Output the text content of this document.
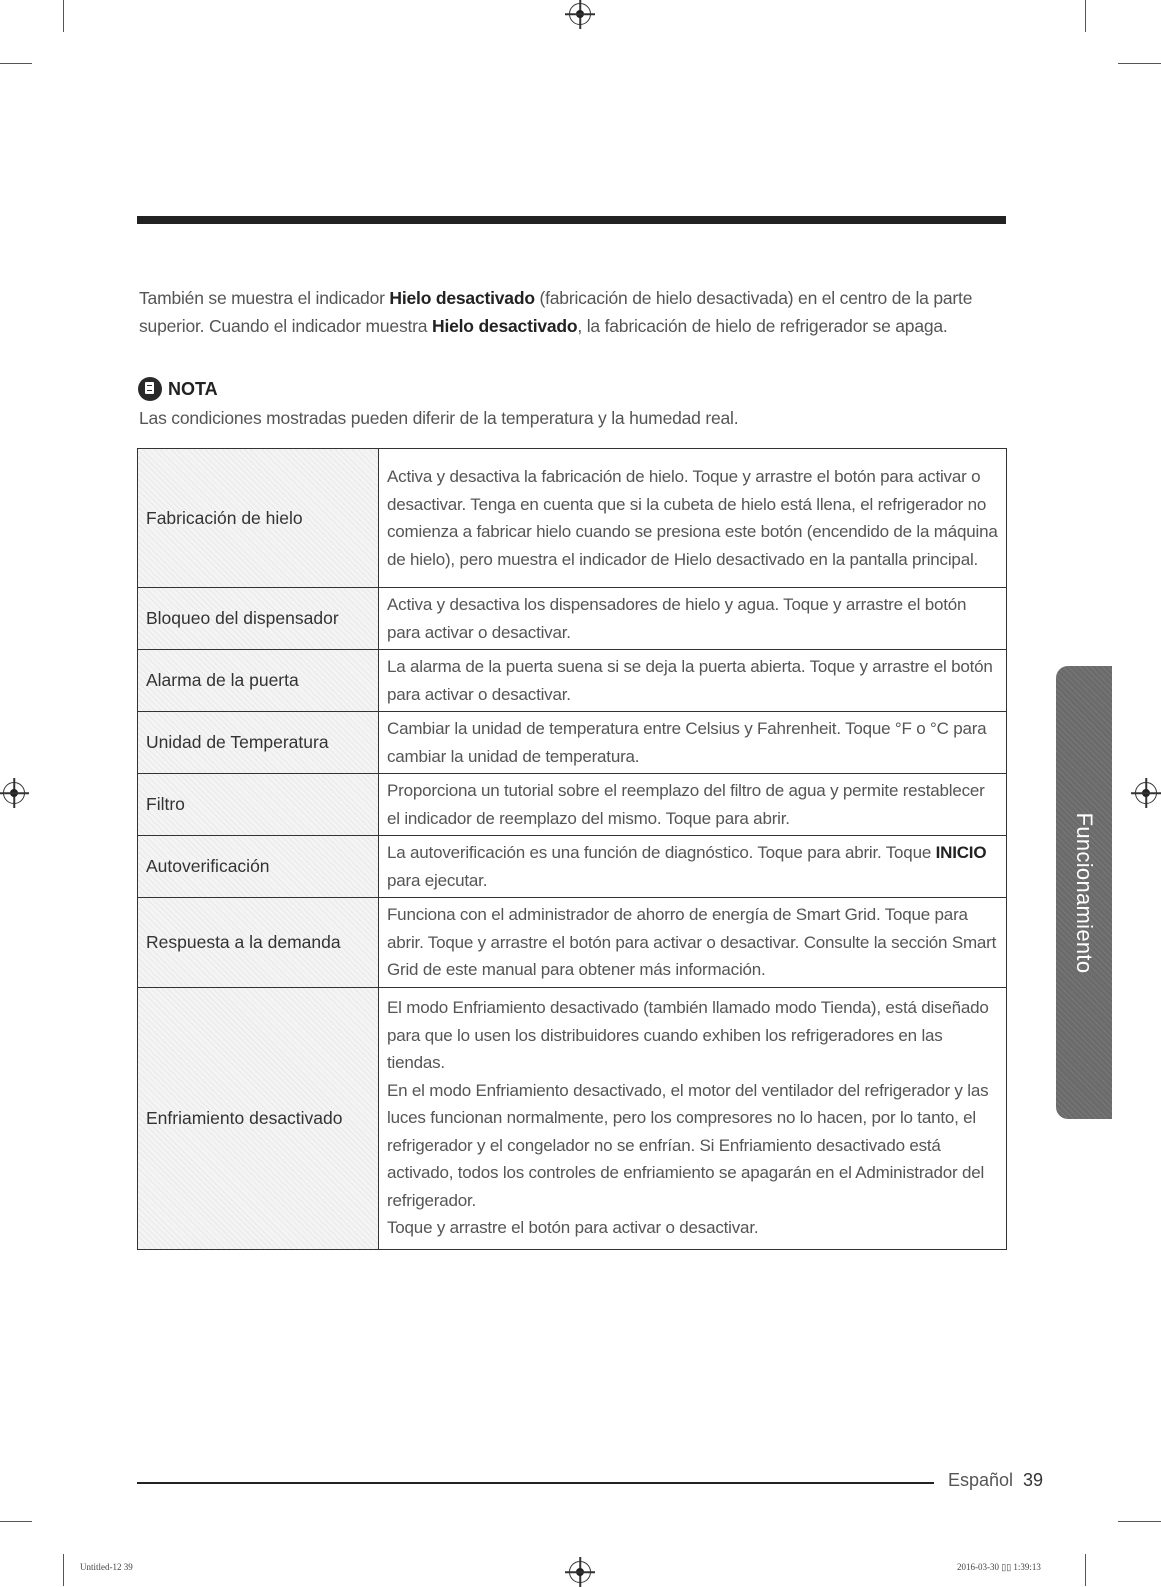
También se muestra el indicador Hielo desactivado (fabricación de hielo desactivada) en el centro de la parte superior. Cuando el indicador muestra Hielo desactivado, la fabricación de hielo de refrigerador se apaga.
NOTA
Las condiciones mostradas pueden diferir de la temperatura y la humedad real.
Fabricación de hielo	Activa y desactiva la fabricación de hielo. Toque y arrastre el botón para activar o desactivar. Tenga en cuenta que si la cubeta de hielo está llena, el refrigerador no comienza a fabricar hielo cuando se presiona este botón (encendido de la máquina de hielo), pero muestra el indicador de Hielo desactivado en la pantalla principal.
Bloqueo del dispensador	Activa y desactiva los dispensadores de hielo y agua. Toque y arrastre el botón para activar o desactivar.
Alarma de la puerta	La alarma de la puerta suena si se deja la puerta abierta. Toque y arrastre el botón para activar o desactivar.
Unidad de Temperatura	Cambiar la unidad de temperatura entre Celsius y Fahrenheit. Toque °F o °C para cambiar la unidad de temperatura.
Filtro	Proporciona un tutorial sobre el reemplazo del filtro de agua y permite restablecer el indicador de reemplazo del mismo. Toque para abrir.
Autoverificación	La autoverificación es una función de diagnóstico. Toque para abrir. Toque INICIO para ejecutar.
Respuesta a la demanda	Funciona con el administrador de ahorro de energía de Smart Grid. Toque para abrir. Toque y arrastre el botón para activar o desactivar. Consulte la sección Smart Grid de este manual para obtener más información.
Enfriamiento desactivado	El modo Enfriamiento desactivado (también llamado modo Tienda), está diseñado para que lo usen los distribuidores cuando exhiben los refrigeradores en las tiendas.

En el modo Enfriamiento desactivado, el motor del ventilador del refrigerador y las luces funcionan normalmente, pero los compresores no lo hacen, por lo tanto, el refrigerador y el congelador no se enfrían. Si Enfriamiento desactivado está activado, todos los controles de enfriamiento se apagarán en el Administrador del refrigerador.

Toque y arrastre el botón para activar o desactivar.

Funcionamiento
Español 39
Untitled-12 39	2016-03-30 ▯▯ 1:39:13
